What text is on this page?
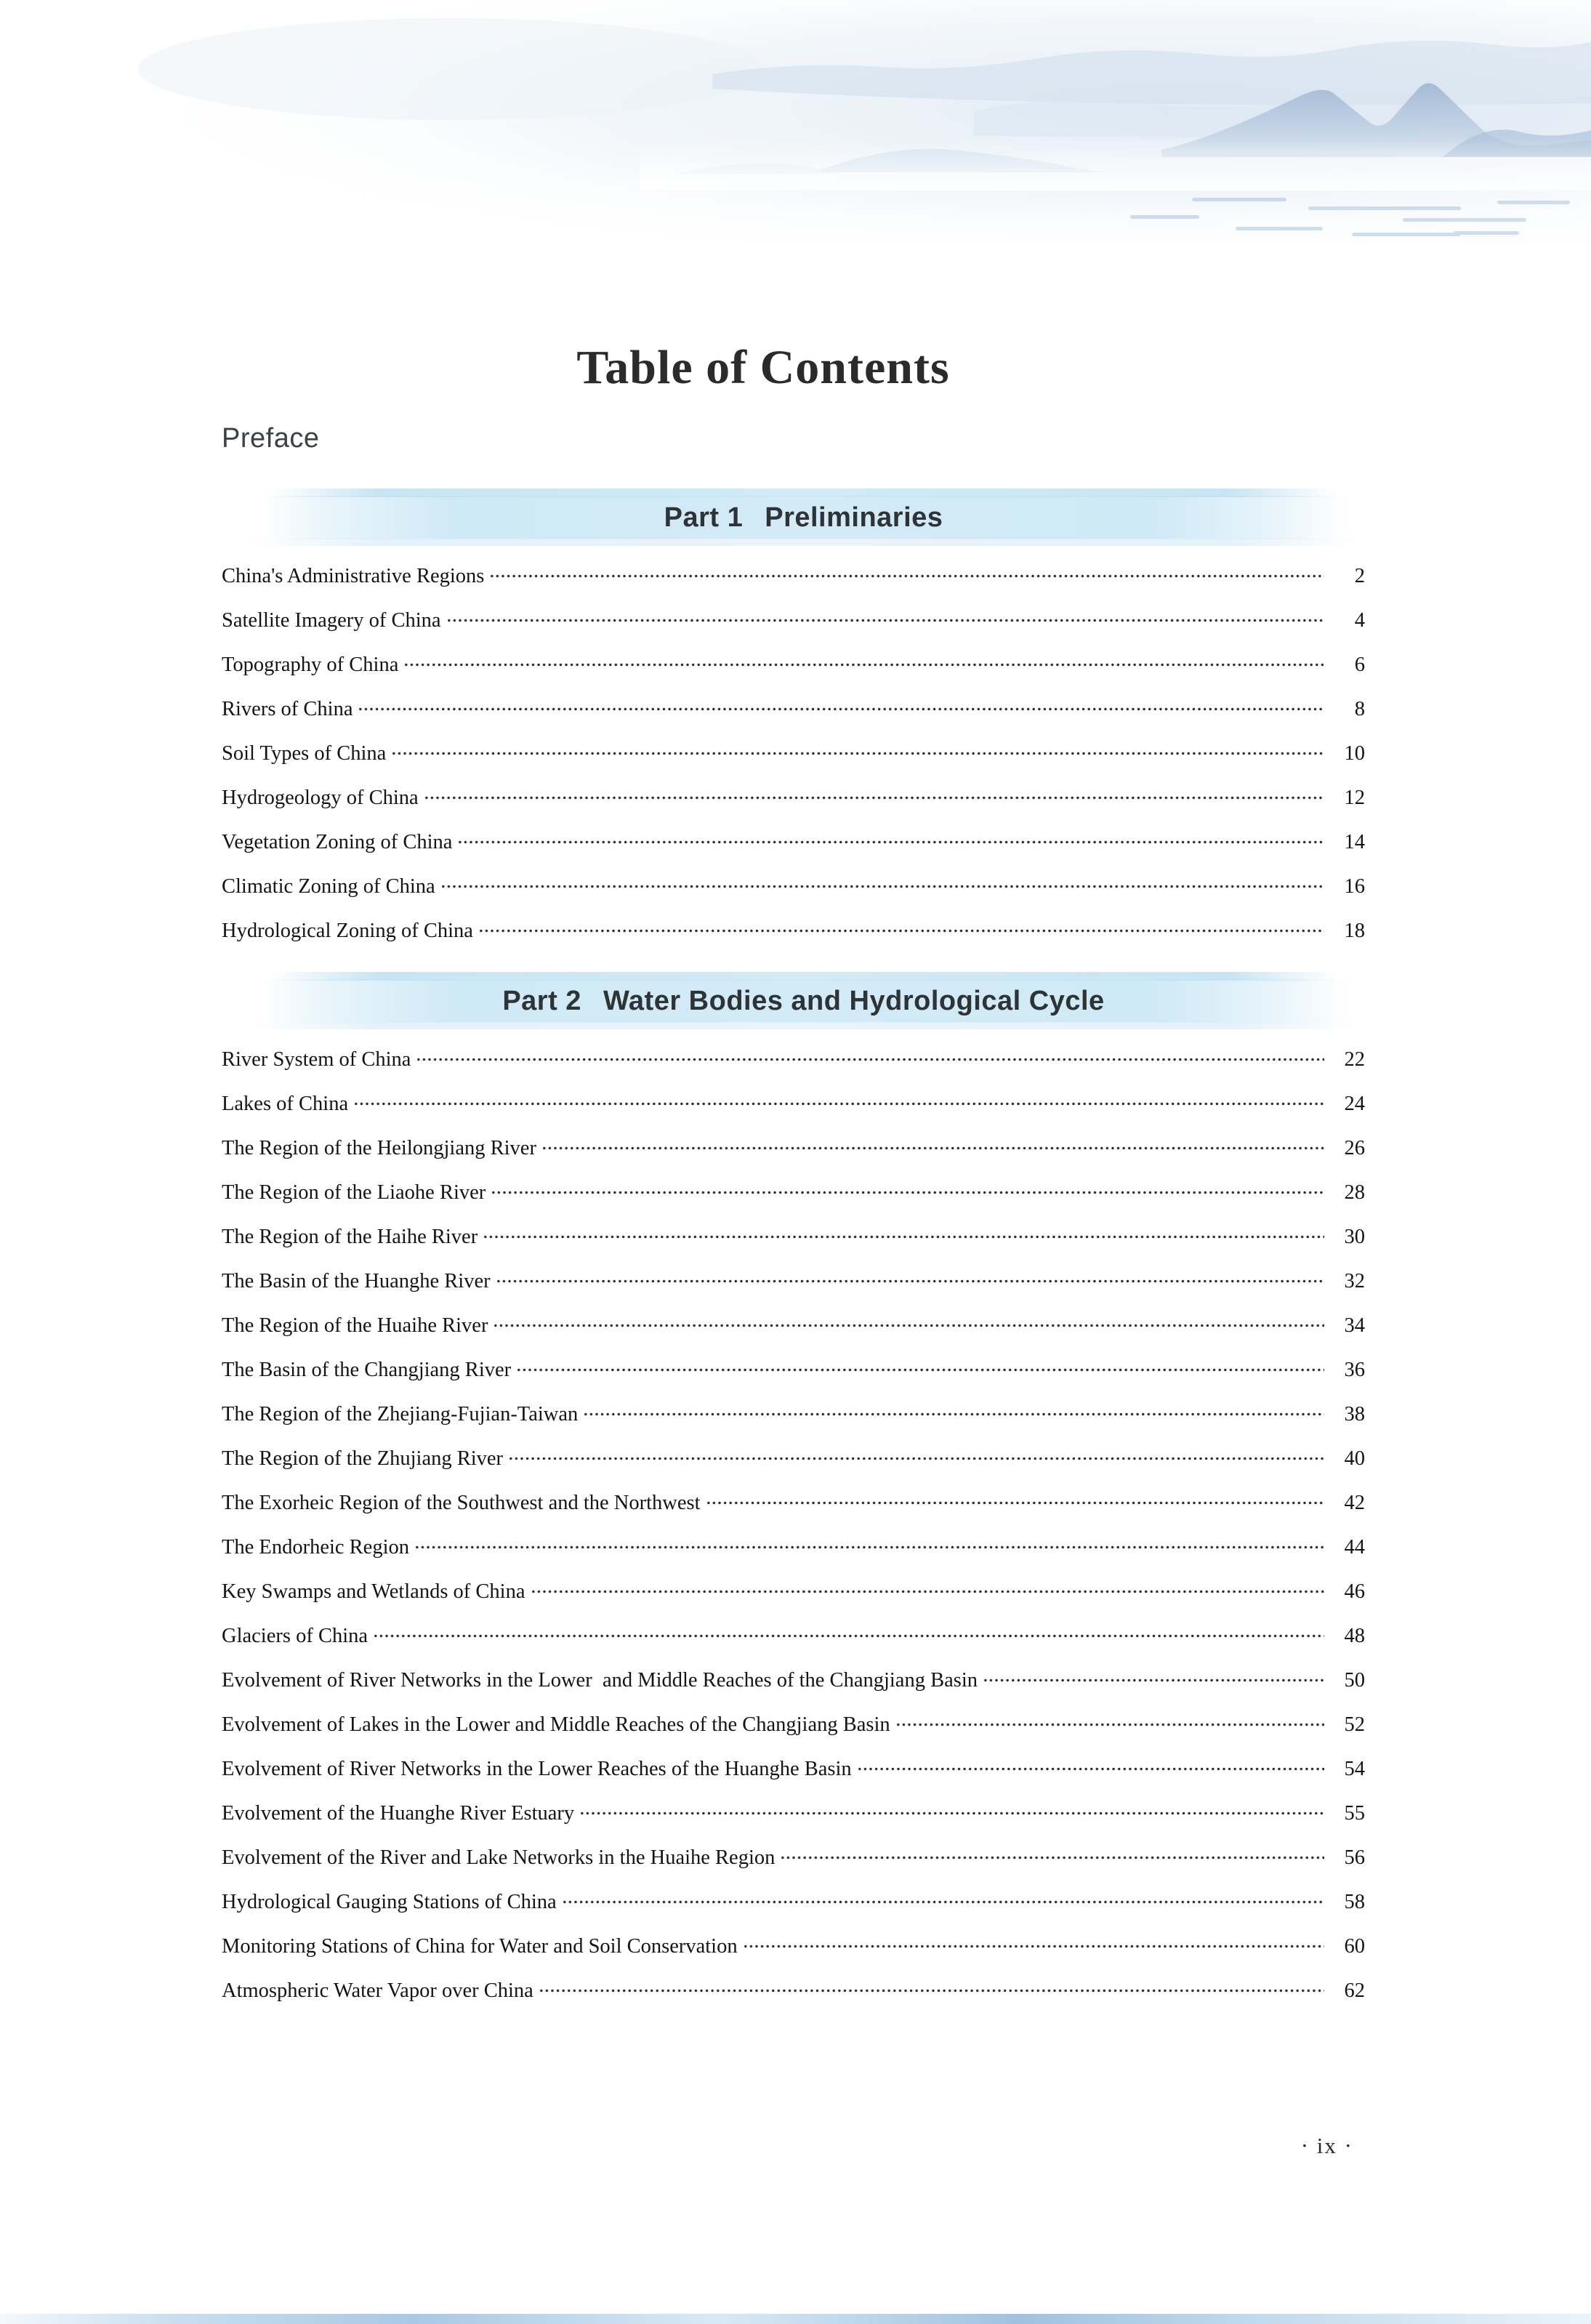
Table of Contents
Preface
Part 1 Preliminaries
China's Administrative Regions	2
Satellite Imagery of China	4
Topography of China	6
Rivers of China	8
Soil Types of China	10
Hydrogeology of China	12
Vegetation Zoning of China	14
Climatic Zoning of China	16
Hydrological Zoning of China	18
Part 2 Water Bodies and Hydrological Cycle
River System of China	22
Lakes of China	24
The Region of the Heilongjiang River	26
The Region of the Liaohe River	28
The Region of the Haihe River	30
The Basin of the Huanghe River	32
The Region of the Huaihe River	34
The Basin of the Changjiang River	36
The Region of the Zhejiang-Fujian-Taiwan	38
The Region of the Zhujiang River	40
The Exorheic Region of the Southwest and the Northwest	42
The Endorheic Region	44
Key Swamps and Wetlands of China	46
Glaciers of China	48
Evolvement of River Networks in the Lower  and Middle Reaches of the Changjiang Basin	50
Evolvement of Lakes in the Lower and Middle Reaches of the Changjiang Basin	52
Evolvement of River Networks in the Lower Reaches of the Huanghe Basin	54
Evolvement of the Huanghe River Estuary	55
Evolvement of the River and Lake Networks in the Huaihe Region	56
Hydrological Gauging Stations of China	58
Monitoring Stations of China for Water and Soil Conservation	60
Atmospheric Water Vapor over China	62
· ix ·
